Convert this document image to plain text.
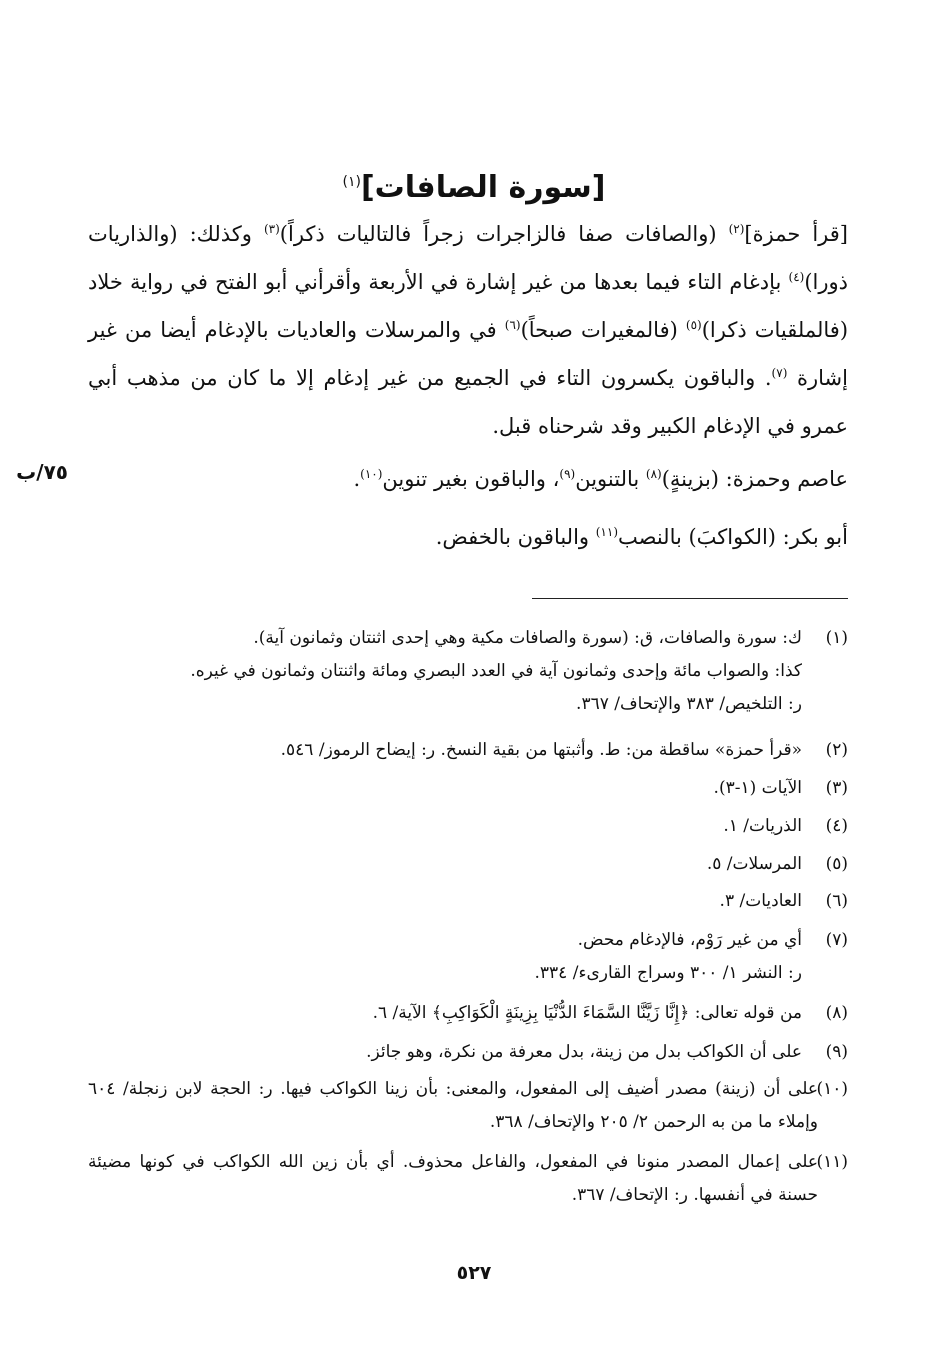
[سورة الصافات]$^{(١)}$
٧٥/ب

[قرأ حمزة]$^{(٢)}$ (والصافات صفا فالزاجرات زجراً فالتاليات ذكراً)$^{(٣)}$ وكذلك: (والذاريات ذورا)$^{(٤)}$ بإدغام التاء فيما بعدها من غير إشارة في الأربعة وأقرأني أبو الفتح في رواية خلاد (فالملقيات ذكرا)$^{(٥)}$ (فالمغيرات صبحاً)$^{(٦)}$ في والمرسلات والعاديات بالإدغام أيضا من غير إشارة $^{(٧)}$. والباقون يكسرون التاء في الجميع من غير إدغام إلا ما كان من مذهب أبي عمرو في الإدغام الكبير وقد شرحناه قبل.

عاصم وحمزة: (بزينةٍ)$^{(٨)}$ بالتنوين$^{(٩)}$، والباقون بغير تنوين$^{(١٠)}$.

أبو بكر: (الكواكبَ) بالنصب$^{(١١)}$ والباقون بالخفض.

(١)

ك: سورة والصافات، ق: (سورة والصافات مكية وهي إحدى اثنتان وثمانون آية).

كذا: والصواب مائة وإحدى وثمانون آية في العدد البصري ومائة واثنتان وثمانون في غيره.

ر: التلخيص/ ٣٨٣ والإتحاف/ ٣٦٧.

(٢)

«قرأ حمزة» ساقطة من: ط. وأثبتها من بقية النسخ. ر: إيضاح الرموز/ ٥٤٦.

(٣)

الآيات (١-٣).

(٤)

الذريات/ ١.

(٥)

المرسلات/ ٥.

(٦)

العاديات/ ٣.

(٧)

أي من غير رَوْم، فالإدغام محض.

ر: النشر ١/ ٣٠٠ وسراج القارىء/ ٣٣٤.

(٨)

من قوله تعالى: ﴿إِنَّا زَيَّنَّا السَّمَاءَ الدُّنْيَا بِزِينَةٍ الْكَوَاكِبِ﴾ الآية/ ٦.

(٩)

على أن الكواكب بدل من زينة، بدل معرفة من نكرة، وهو جائز.

(١٠)

على أن (زينة) مصدر أضيف إلى المفعول، والمعنى: بأن زينا الكواكب فيها. ر: الحجة لابن زنجلة/ ٦٠٤ وإملاء ما من به الرحمن ٢/ ٢٠٥ والإتحاف/ ٣٦٨.

(١١)

على إعمال المصدر منونا في المفعول، والفاعل محذوف. أي بأن زين الله الكواكب في كونها مضيئة حسنة في أنفسها. ر: الإتحاف/ ٣٦٧.

٥٢٧
